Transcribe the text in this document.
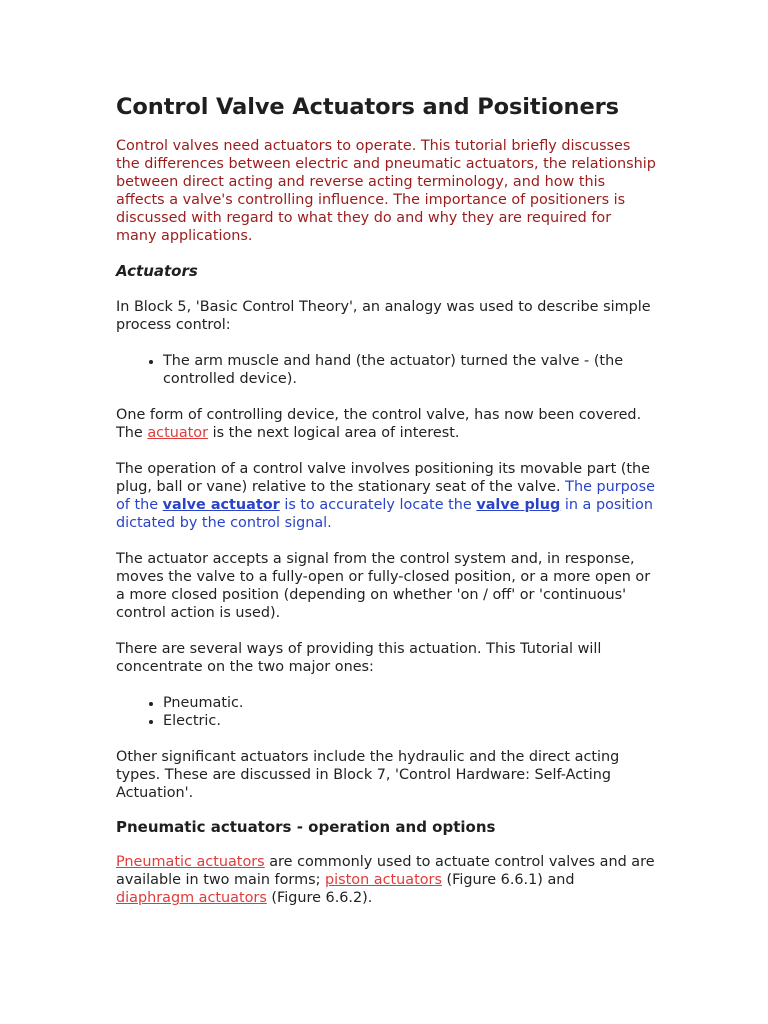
Control Valve Actuators and Positioners

Control valves need actuators to operate. This tutorial briefly discusses the differences between electric and pneumatic actuators, the relationship between direct acting and reverse acting terminology, and how this affects a valve's controlling influence. The importance of positioners is discussed with regard to what they do and why they are required for many applications.

Actuators

In Block 5, 'Basic Control Theory', an analogy was used to describe simple process control:

• The arm muscle and hand (the actuator) turned the valve - (the controlled device).

One form of controlling device, the control valve, has now been covered. The actuator is the next logical area of interest.

The operation of a control valve involves positioning its movable part (the plug, ball or vane) relative to the stationary seat of the valve. The purpose of the valve actuator is to accurately locate the valve plug in a position dictated by the control signal.

The actuator accepts a signal from the control system and, in response, moves the valve to a fully-open or fully-closed position, or a more open or a more closed position (depending on whether 'on / off' or 'continuous' control action is used).

There are several ways of providing this actuation. This Tutorial will concentrate on the two major ones:

• Pneumatic.
• Electric.

Other significant actuators include the hydraulic and the direct acting types. These are discussed in Block 7, 'Control Hardware: Self-Acting Actuation'.

Pneumatic actuators - operation and options

Pneumatic actuators are commonly used to actuate control valves and are available in two main forms; piston actuators (Figure 6.6.1) and diaphragm actuators (Figure 6.6.2).
